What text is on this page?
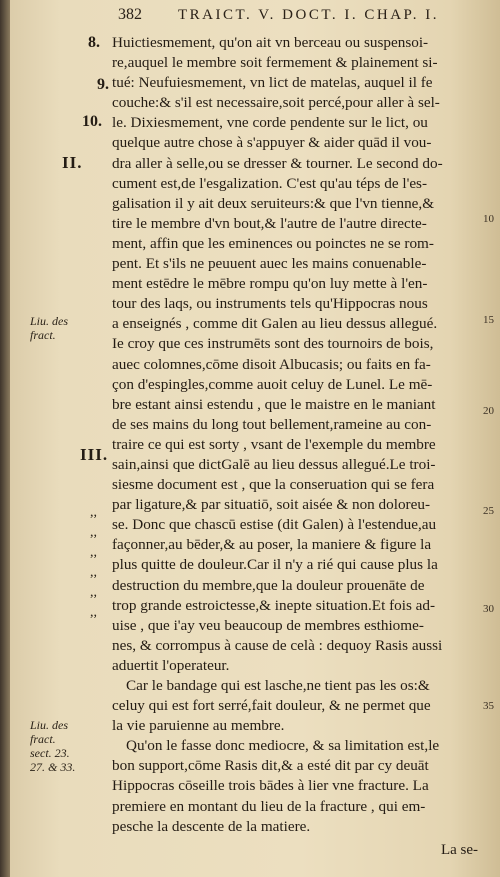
382 TRAICT. V. DOCT. I. CHAP. I.
8.
9.
10.
II.
III.
Liu. des
fract.
Liu. des
fract.
sect. 23.
27. & 33.
,,
,,
,,
,,
,,
,,
10
15
20
25
30
35
Huictiesmement, qu'on ait vn berceau ou suspensoi-
re,auquel le membre soit fermement & plainement si-
tué: Neufuiesmement, vn lict de matelas, auquel il fe
couche:& s'il est necessaire,soit percé,pour aller à sel-
le. Dixiesmement, vne corde pendente sur le lict, ou
quelque autre chose à s'appuyer & aider quād il vou-
dra aller à selle,ou se dresser & tourner. Le second do-
cument est,de l'esgalization. C'est qu'au téps de l'es-
galisation il y ait deux seruiteurs:& que l'vn tienne,&
tire le membre d'vn bout,& l'autre de l'autre directe-
ment, affin que les eminences ou poinctes ne se rom-
pent. Et s'ils ne peuuent auec les mains conuenable-
ment estēdre le mēbre rompu qu'on luy mette à l'en-
tour des laqs, ou instruments tels qu'Hippocras nous
a enseignés , comme dit Galen au lieu dessus allegué.
Ie croy que ces instrumēts sont des tournoirs de bois,
auec colomnes,cōme disoit Albucasis; ou faits en fa-
çon d'espingles,comme auoit celuy de Lunel. Le mē-
bre estant ainsi estendu , que le maistre en le maniant
de ses mains du long tout bellement,rameine au con-
traire ce qui est sorty , vsant de l'exemple du membre
sain,ainsi que dictGalē au lieu dessus allegué.Le troi-
siesme document est , que la conseruation qui se fera
par ligature,& par situatiō, soit aisée & non doloreu-
se. Donc que chascū estise (dit Galen) à l'estendue,au
façonner,au bēder,& au poser, la maniere & figure la
plus quitte de douleur.Car il n'y a rié qui cause plus la
destruction du membre,que la douleur prouenāte de
trop grande estroictesse,& inepte situation.Et fois ad-
uise , que i'ay veu beaucoup de membres esthiome-
nes, & corrompus à cause de celà : dequoy Rasis aussi
aduertit l'operateur.
Car le bandage qui est lasche,ne tient pas les os:&
celuy qui est fort serré,fait douleur, & ne permet que
la vie paruienne au membre.
Qu'on le fasse donc mediocre, & sa limitation est,le
bon support,cōme Rasis dit,& a esté dit par cy deuāt
Hippocras cōseille trois bādes à lier vne fracture. La
premiere en montant du lieu de la fracture , qui em-
pesche la descente de la matiere.
La se-
